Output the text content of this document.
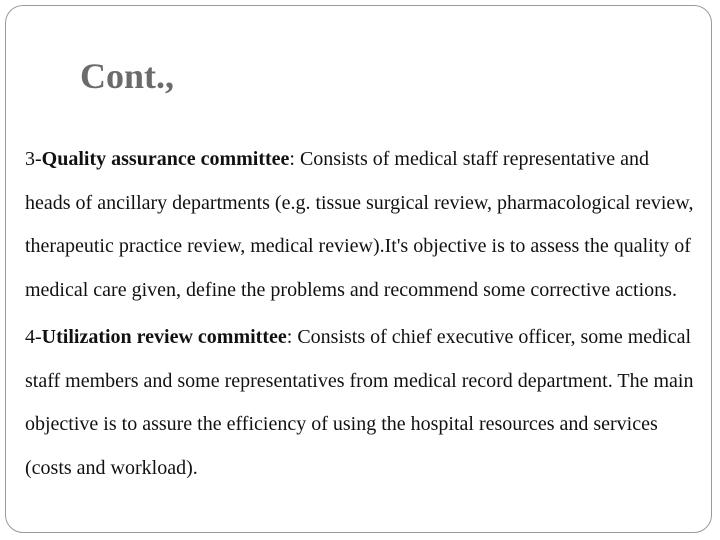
Cont.,

3-Quality assurance committee: Consists of medical staff representative and heads of ancillary departments (e.g. tissue surgical review, pharmacological review, therapeutic practice review, medical review).It's objective is to assess the quality of medical care given, define the problems and recommend some corrective actions.

4-Utilization review committee: Consists of chief executive officer, some medical staff members and some representatives from medical record department. The main objective is to assure the efficiency of using the hospital resources and services (costs and workload).
